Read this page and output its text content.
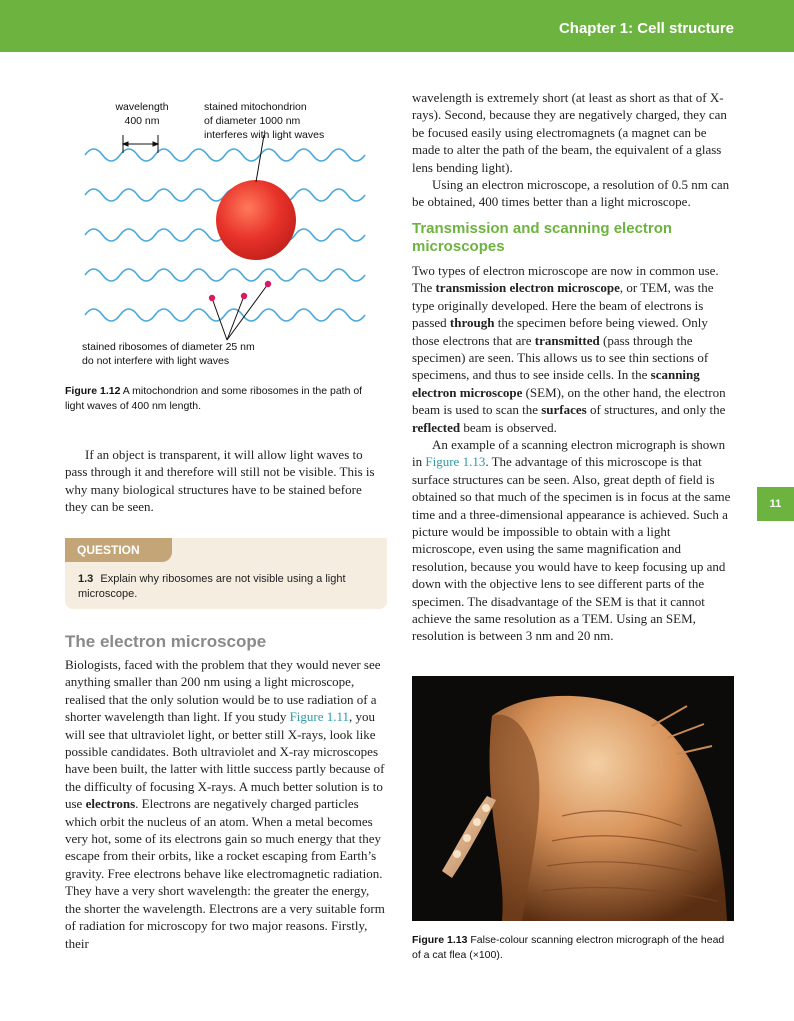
Chapter 1: Cell structure
11
wavelength
400 nm
stained mitochondrion
of diameter 1000 nm
interferes with light waves
stained ribosomes of diameter 25 nm
do not interfere with light waves
Figure 1.12 A mitochondrion and some ribosomes in the path of light waves of 400 nm length.

If an object is transparent, it will allow light waves to pass through it and therefore will still not be visible. This is why many biological structures have to be stained before they can be seen.

QUESTION
1.3 Explain why ribosomes are not visible using a light microscope.
The electron microscope

Biologists, faced with the problem that they would never see anything smaller than 200 nm using a light microscope, realised that the only solution would be to use radiation of a shorter wavelength than light. If you study Figure 1.11, you will see that ultraviolet light, or better still X-rays, look like possible candidates. Both ultraviolet and X-ray microscopes have been built, the latter with little success partly because of the difficulty of focusing X-rays. A much better solution is to use electrons. Electrons are negatively charged particles which orbit the nucleus of an atom. When a metal becomes very hot, some of its electrons gain so much energy that they escape from their orbits, like a rocket escaping from Earth’s gravity. Free electrons behave like electromagnetic radiation. They have a very short wavelength: the greater the energy, the shorter the wavelength. Electrons are a very suitable form of radiation for microscopy for two major reasons. Firstly, their

wavelength is extremely short (at least as short as that of X-rays). Second, because they are negatively charged, they can be focused easily using electromagnets (a magnet can be made to alter the path of the beam, the equivalent of a glass lens bending light).

Using an electron microscope, a resolution of 0.5 nm can be obtained, 400 times better than a light microscope.

Transmission and scanning electron microscopes

Two types of electron microscope are now in common use. The transmission electron microscope, or TEM, was the type originally developed. Here the beam of electrons is passed through the specimen before being viewed. Only those electrons that are transmitted (pass through the specimen) are seen. This allows us to see thin sections of specimens, and thus to see inside cells. In the scanning electron microscope (SEM), on the other hand, the electron beam is used to scan the surfaces of structures, and only the reflected beam is observed.

An example of a scanning electron micrograph is shown in Figure 1.13. The advantage of this microscope is that surface structures can be seen. Also, great depth of field is obtained so that much of the specimen is in focus at the same time and a three-dimensional appearance is achieved. Such a picture would be impossible to obtain with a light microscope, even using the same magnification and resolution, because you would have to keep focusing up and down with the objective lens to see different parts of the specimen. The disadvantage of the SEM is that it cannot achieve the same resolution as a TEM. Using an SEM, resolution is between 3 nm and 20 nm.

Figure 1.13 False-colour scanning electron micrograph of the head of a cat flea (×100).
